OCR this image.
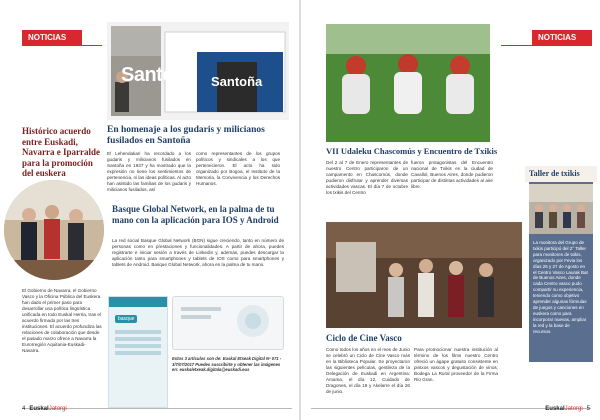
NOTICIAS
Santoña Santoña
En homenaje a los gudaris y milicianos fusilados en Santoña
El Lehendakari ha recordado a los gudaris y milicianos fusilados en Santoña en 1937 y ha mostrado que la expresión no tiene los sentimientos de pertenencia, ni las ideas políticas. Al acto han asistido las familias de los gudaris y milicianos fusilados, así
como representantes de los grupos políticos y sindicales a los que pertenecieron. El acto ha sido organizado por Bogoa, el Instituto de la Memoria, la Convivencia y los Derechos Humanos.
Histórico acuerdo entre Euskadi, Navarra e Iparralde para la promoción del euskera
El Gobierno de Navarra, el Gobierno Vasco y la Oficina Pública del Euskera han dado el primer paso para desarrollar una política lingüística unificada en todo Euskal Herria, tras el acuerdo firmado por las tres instituciones. El acuerdo profundiza las relaciones de colaboración que desde el pasado marzo ofrece a Navarra la Eurorregión Aquitania-Euskadi-Navarra.
Basque Global Network, en la palma de tu mano con la aplicación para IOS y Android
La red social Basque Global Network (BGN) sigue creciendo, tanto en número de personas como en prestaciones y funcionalidades. A partir de ahora, puedes registrarte e iniciar sesión a través de Linkedin y, además, puedes descargar la aplicación tanto para smartphones y tablets de IOS como para smartphones y tablets de Android. Basque Global Network, ahora en la palma de tu mano.
basque
Estos 3 artículos son de: Euskal Etxeak Digital Nº 071 - 3/7/07/2017 Puedes suscribirte y obtener las imágenes en: euskaletxeak.digitala@euskadi.eus
4 EuskalJatorgi
NOTICIAS
VII Udaleku Chascomús y Encuentro de Txikis
Del 2 al 7 de Enero representantes de nuestro Centro participaron de un campamento en Chascomús, donde pudieron disfrutar y aprender diversas actividades vascas. El día 7 de octubre los txikis del Centro
fueron protagonistas del Encuentro nacional de Txikis en la ciudad de Cavallol, Buenos Aires, donde pudieron participar de distintas actividades al aire libre.
Taller de txikis
La monitora del Grupo de txikis participó del 2° Taller para monitores de txikis, organizado por Fevia los días 26 y 27 de Agosto en el Centro Vasco Laurak Bat de Buenos Aires, donde cada Centro vasco pudo compartir su experiencia, teniendo como objetivo aprender algunas fórmulas de juegos y canciones en euskera como para incorporar nuevas, ampliar la red y la base de recursos.
Ciclo de Cine Vasco
Como todos los años en el mes de Junio se celebró un Ciclo de Cine Vasco más en la Biblioteca Popular. Se proyectaron las siguientes películas, gentileza de la Delegación de Euskadi en Argentina: Amama, el día 12, Cuidado de Dragones, el día 19 y Akelarre el día 26 de junio.
Para promocionar nuestra institución al término de los films nuestro Centro ofreció un ágape gratuito consistente en pintxos vascos y degustación de vinos, Bodega La Rural proveedor de la Firma Rio Gran.
EuskalJatorgi 5
